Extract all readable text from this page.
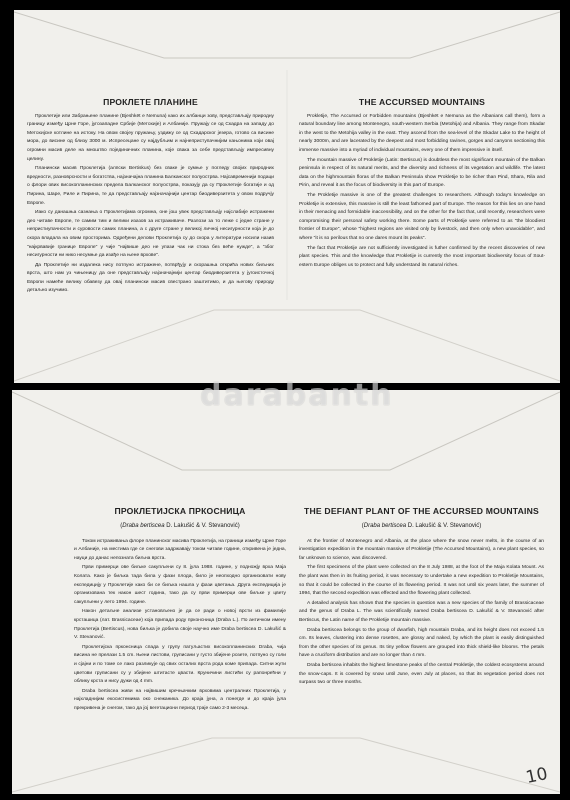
ПРОКЛЕТЕ ПЛАНИНЕ

Проклетије или Забрањене планине (Bjeshkët e Nemuna) како их албанци зову, представљају природну границу између Црне Горе, југозападне Србије (Метохије) и Албаније. Пружају се од Скадра на западу до Метохијске котлине на истоку. На овом својеу пружању, уздижу се од Скадарског језера, готово са висине мора, до висине од близу 3000 м. Испресецане су најдубљим и најнеприступачнијим кањонима који овај огромни масив деле на мноштво појединачних планина, које свака за себе представљају импресивну целину.

Планински масив Проклетија (алпски Bertiskus) без сваке је сумње у погледу својих природних вредности, разноврсности и богатства, најзначајна планина Балканског полуострва. Најсавременији подаци о флори ових високопланинских предела Балканског полуострва, показују да су Проклетије богатије и од Пирина, Шаре, Риле и Пирина, те да представљају најзначајнији центар биодиверзитета у овом подручју Европе.

Иако су данашња сазнања о Проклетијама огромна, оне још увек представљају најслабије истражени део читаве Европе, те самим тим и велики изазов за истраживаче. Разлози за то леже с једне стране у непристиупачности и суровости самих планина, а с друге стране у великој личној несигурности која је до скора владала на овим просторима. Одређени делови Проклетија су до скора у литератури носили назив "најкрвавије границе Европе" у чије "највише део не упази чак ни стока без веће нужде", а "због несигурности ни нико несумње да изађе на њене врхове".

Да Проклетије ни издалека нису потпуно истражене, потврђују и скорашња открића нових биљних врста, што нам уз чињеницу да оне представљају најзначајнији центар биодиверзитета у југоисточној Европи намеће велику обавезу да овај планински масив свестрано заштитимо, и да његову природу детаљно изучимо.

THE ACCURSED MOUNTAINS

Prokletije, The Accursed or Forbidden mountains (Bjeshkët e Nemuna as the Albanians call them), form a natural boundary line among Montenegro, south-western Serbia (Metohija) and Albania. They range from Skadar in the west to the Metohija valley in the east. They ascend from the sea-level of the Skadar Lake to the height of nearly 3000m, and are lacerated by the deepest and most forbidding ravines, gorges and canyons sectioning this immense massive into a myriad of individual mountains, every one of them impressive in itself.

The mountain massive of Prokletije (Latin: Bertiscus) is doubtless the most significant mountain of the Balkan peninsula in respect of its natural merits, and the diversity and richness of its vegetation and wildlife. The latest data on the highmountain floras of the Balkan Peninsula show Prokletije to be richer than Pind, Shara, Rila and Pirin, and reveal it as the focus of biodiversity in this part of Europe.

The Prokletije massive is one of the greatest challenges to researchers. Although today's knowledge on Prokletije is extensive, this massive is still the least fathomed part of Europe. The reason for this lies on one hand in their menacing and formidable inaccessibility, and on the other for the fact that, until recently, researchers were compromising their personal safety working there. Some parts of Prokletije were referred to as "the bloodiest frontier of Europe", whose "highest regions are visited only by livestock, and then only when unavoidable", and where "it is so perilous that no one dares mount its peaks".

The fact that Prokletije are not sufficiently investigated is futher confirmed by the recent discoveries of new plant species. This and the knowledge that Prokletije is currently the most important biodiversity focus of Sout-estern Europe obliges us to protect and fully understand its natural riches.

ПРОКЛЕТИЈСКА ПРКОСНИЦА
(Draba bertiscea D. Lakušić & V. Stevanović)

Током истраживања флоре планинског масива Проклетија, на граници између Црне Горе и Албаније, на местима где се снегови задржавају током читаве године, откривена је једна, науци до данас непозната биљна врста.

Први примерци ове биљке сакупљени су 8. јула 1988. године, у подножју врха Маја Колата. Како је биљка тада била у фази плода, било је неопходно организовати нову експедицију у Проклетије како би се биљка нашла у фази цветања. Друга експедиција је организована тек након шест година, тако да су први примерци ове биљке у цвету сакупљени у лето 1994. године.

Након детаљне анализе установљено је да се ради о новој врсти из фамилије крсташица (лат. Brassicaceae) која припада роду прконсница (Draba L.). По античком имену Проклетија (Bertiscus), нова биљка је добила своје научно име Draba bertiscea D. Lakušić & V. Stevanović.

Проклетијска прконсница спада у групу патуљастих високопланинских Draba, чија висина не прелази 1.5 cm. Њени листови, груписани у густо збијене розете, потпуно су голи и сјајни и по томе се лако разликује од свих осталих врста рода коме припада. Ситни жути цветови груписани су у збијене штитасте цвасти. Круничини листићи су рапонрећни у облику крста и нису дужи од 4 mm.

Draba bertiscea живи на највишим кречњачким врховима централних Проклетија, у најхладнијим екосистемима око снежаника. До краја јуна, а понегде и до краја јула прекривена је снегом, тако да јој вегетациони период траје само 2-3 месеца.

THE DEFIANT PLANT OF THE ACCURSED MOUNTAINS
(Draba bertiscea D. Lakušić & V. Stevanović)

At the frontier of Montenegro and Albania, at the place where the snow never melts, in the course of an investigation expedition in the mountain massive of Prokletije (The Accursed Mountains), a new plant species, so far unknown to science, was discovered.

The first specimens of the plant were collected on the 8 July 1988, at the foot of the Maja Kolata Mount. As the plant was then in its fruiting period, it was necessary to undertake a new expedition to Prokletije Mountains, so that it could be collected in the course of its flowering period. It was not until six years later, the summer of 1994, that the second expedition was effected and the flowering plant collected.

A detailed analysis has shown that the species in question was a new species of the family of Brassicaceae and the genus of Draba L. The was scientifically named Draba bertiscea D. Lakušić & V. Stevanović after Bertiscus, the Latin name of the Prokletije mountain massive.

Draba bertiscea belongs to the group of dwarfish, high mountain Draba, and its height does not exceed 1.5 cm. Its leaves, clustering into dense rosettes, are glossy and naked, by which the plant is easily distinguished from the other species of its genus. Its tiny yellow flowers are grouped into thick shield-like blooms. The petals have a cruciform distribution and are no longer than 4 mm.

Draba bertiscea inhabits the highest limestone peaks of the central Prokletije, the coldest ecosystems around the snow-caps. It is covered by snow until June, even July at places, so that its vegetation period does not surpass two or three months.

10
darabanth
